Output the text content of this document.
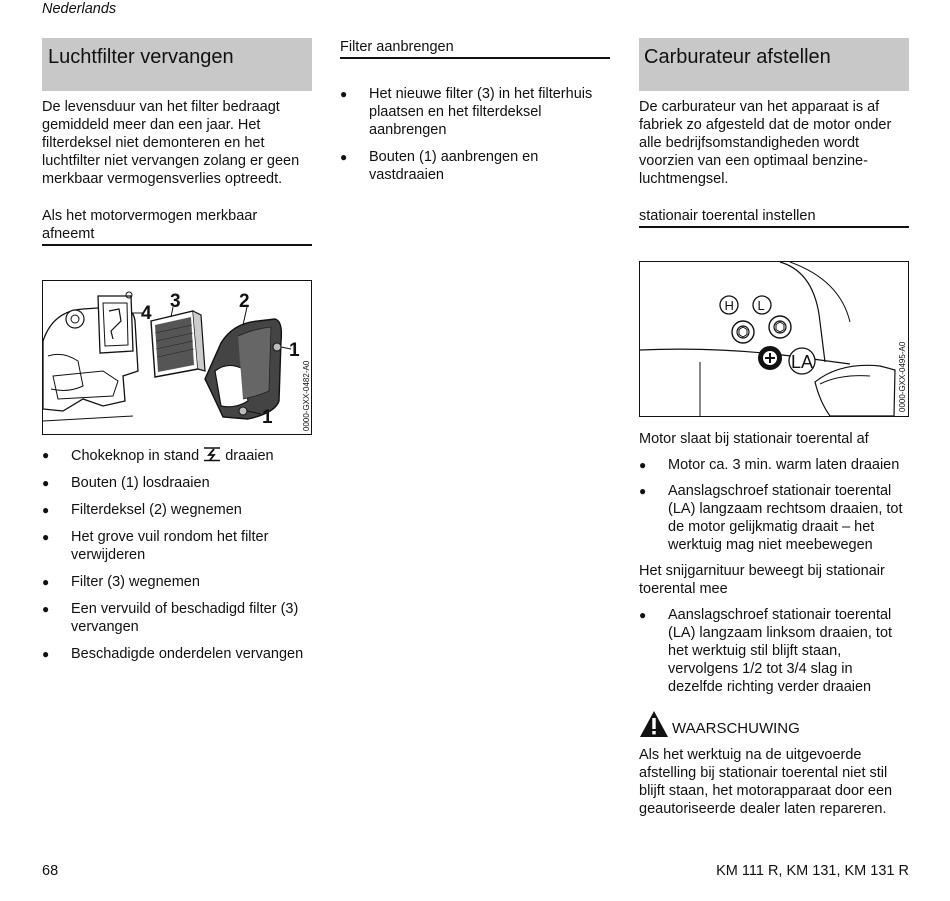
Nederlands
Luchtfilter vervangen

De levensduur van het filter bedraagt gemiddeld meer dan een jaar. Het filterdeksel niet demonteren en het luchtfilter niet vervangen zolang er geen merkbaar vermogensverlies optreedt.

Als het motorvermogen merkbaar afneemt
4
3	2
1
1	0000-GXX-0482-A0
● Chokeknop in stand draaien
● Bouten (1) losdraaien
● Filterdeksel (2) wegnemen
● Het grove vuil rondom het filter verwijderen
● Filter (3) wegnemen
● Een vervuild of beschadigd filter (3) vervangen
● Beschadigde onderdelen vervangen
Filter aanbrengen
● Het nieuwe filter (3) in het filterhuis plaatsen en het filterdeksel aanbrengen
● Bouten (1) aanbrengen en vastdraaien
Carburateur afstellen

De carburateur van het apparaat is af fabriek zo afgesteld dat de motor onder alle bedrijfsomstandigheden wordt voorzien van een optimaal benzine-luchtmengsel.

stationair toerental instellen
H L
LA	0000-GXX-0495-A0
Motor slaat bij stationair toerental af
● Motor ca. 3 min. warm laten draaien
● Aanslagschroef stationair toerental (LA) langzaam rechtsom draaien, tot de motor gelijkmatig draait – het werktuig mag niet meebewegen
Het snijgarnituur beweegt bij stationair toerental mee
● Aanslagschroef stationair toerental (LA) langzaam linksom draaien, tot het werktuig stil blijft staan, vervolgens 1/2 tot 3/4 slag in dezelfde richting verder draaien
WAARSCHUWING

Als het werktuig na de uitgevoerde afstelling bij stationair toerental niet stil blijft staan, het motorapparaat door een geautoriseerde dealer laten repareren.

68	KM 111 R, KM 131, KM 131 R
